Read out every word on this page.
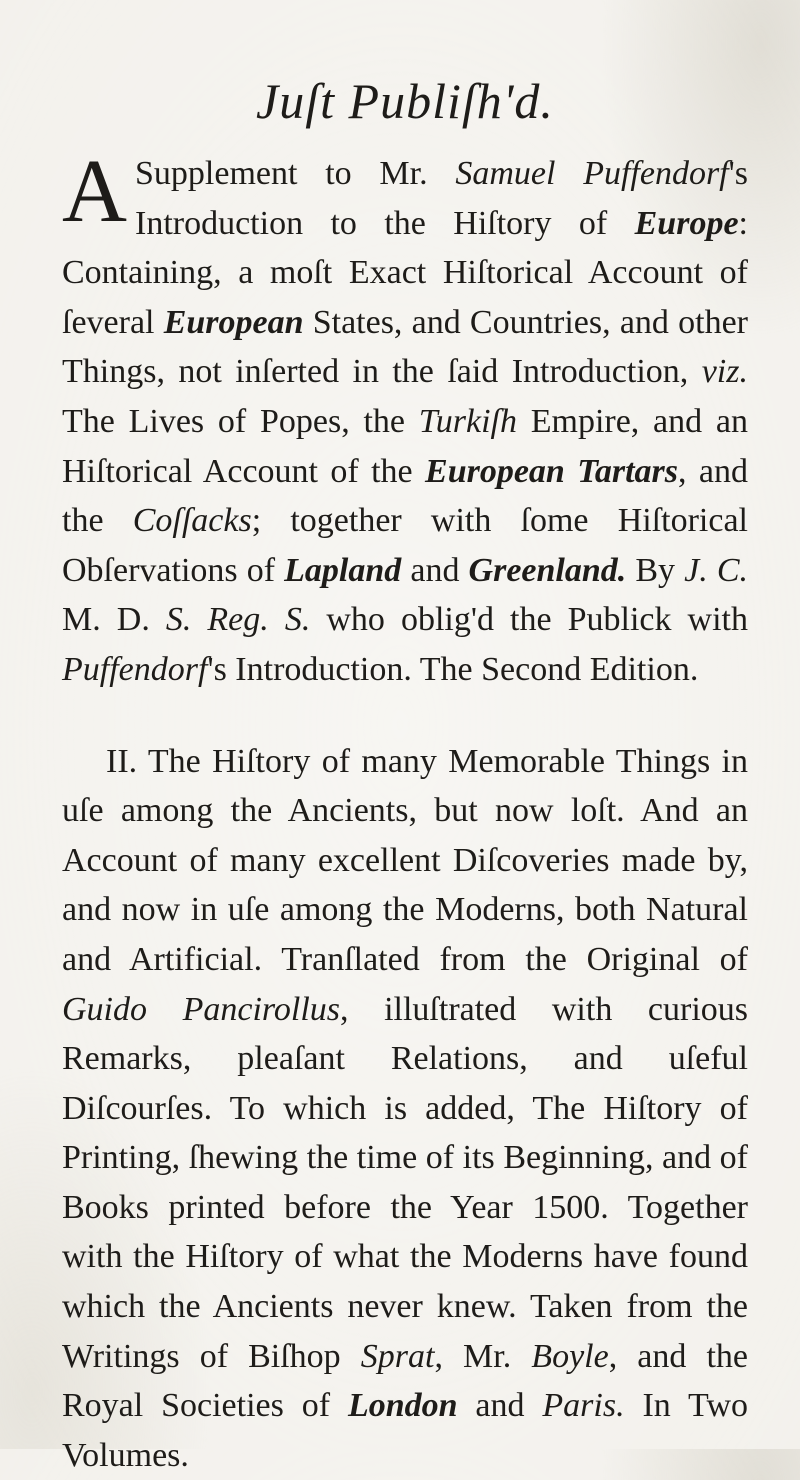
Juſt Publiſh'd.

A Supplement to Mr. Samuel Puffendorf's Introduction to the Hiſtory of Europe: Containing, a moſt Exact Hiſtorical Account of ſeveral European States, and Countries, and other Things, not inſerted in the ſaid Introduction, viz. The Lives of Popes, the Turkiſh Empire, and an Hiſtorical Account of the European Tartars, and the Coſſacks; together with ſome Hiſtorical Obſervations of Lapland and Greenland. By J. C. M. D. S. Reg. S. who oblig'd the Publick with Puffendorf's Introduction. The Second Edition.

II. The Hiſtory of many Memorable Things in uſe among the Ancients, but now loſt. And an Account of many excellent Diſcoveries made by, and now in uſe among the Moderns, both Natural and Artificial. Tranſlated from the Original of Guido Pancirollus, illuſtrated with curious Remarks, pleaſant Relations, and uſeful Diſcourſes. To which is added, The Hiſtory of Printing, ſhewing the time of its Beginning, and of Books printed before the Year 1500. Together with the Hiſtory of what the Moderns have found which the Ancients never knew. Taken from the Writings of Biſhop Sprat, Mr. Boyle, and the Royal Societies of London and Paris. In Two Volumes.
